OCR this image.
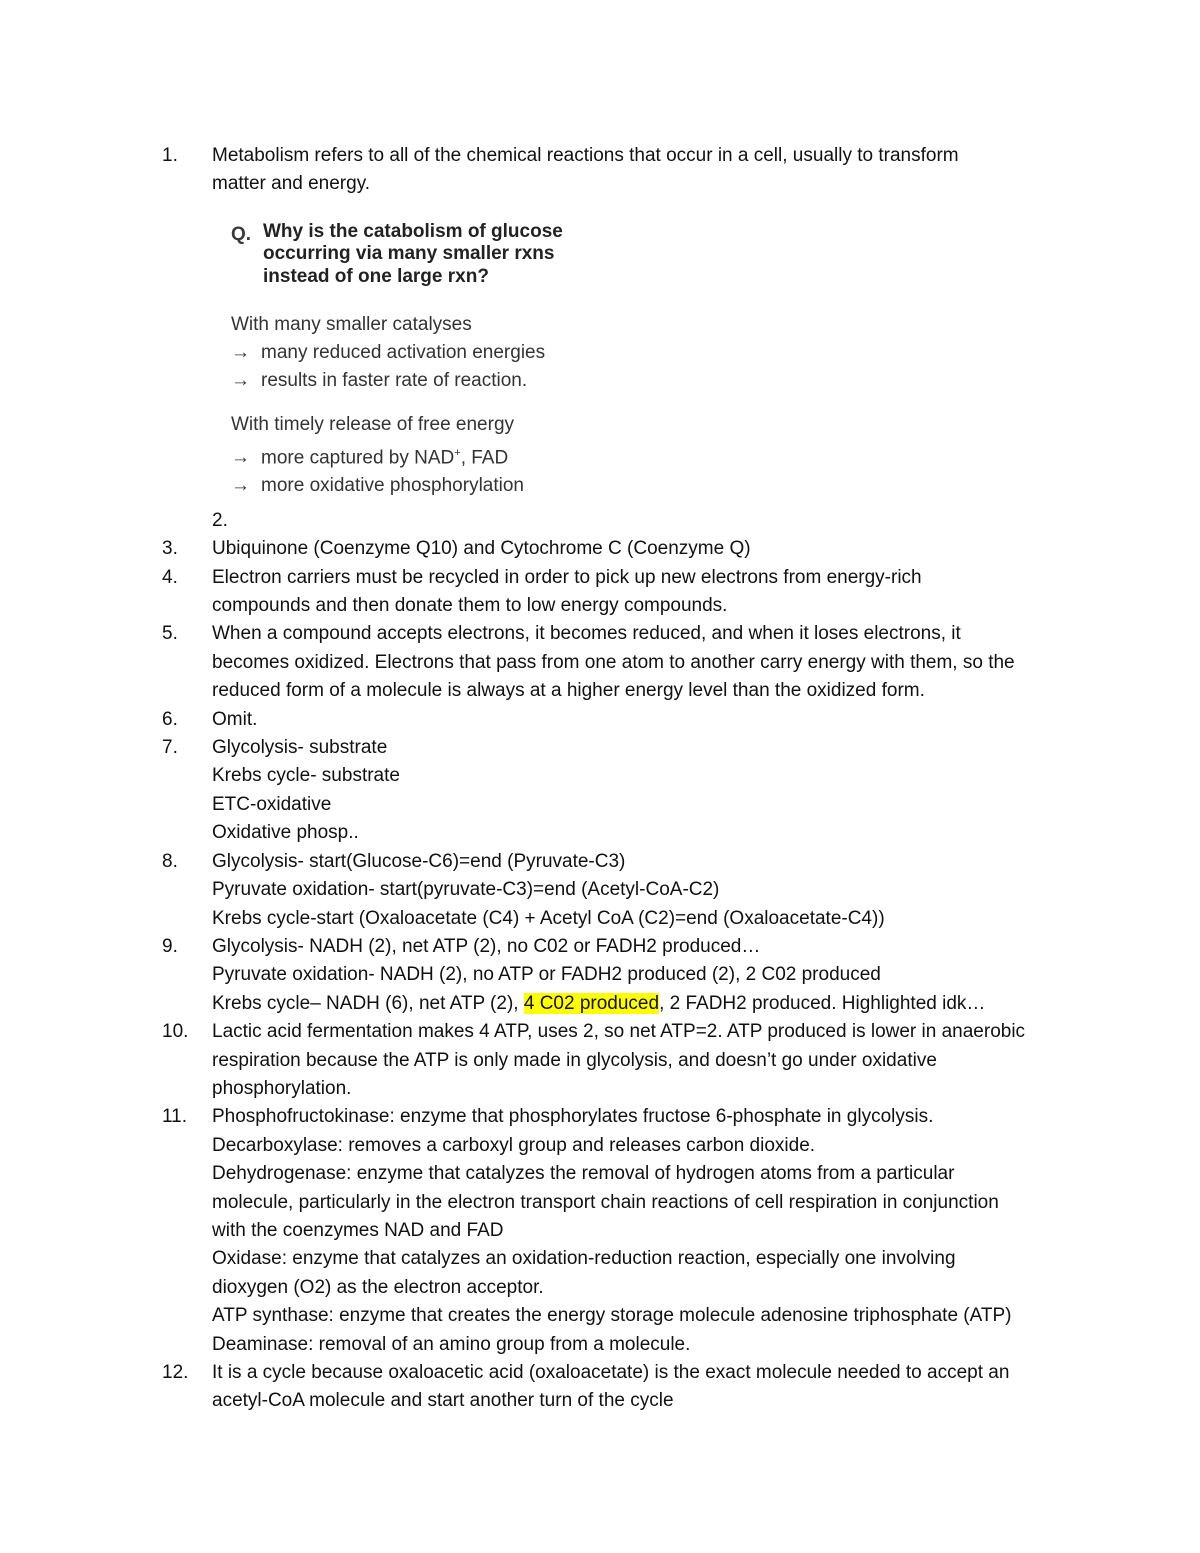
1.	Metabolism refers to all of the chemical reactions that occur in a cell, usually to transform
matter and energy.
Q. Why is the catabolism of glucose
occurring via many smaller rxns
instead of one large rxn?
With many smaller catalyses
→ many reduced activation energies
→ results in faster rate of reaction.
With timely release of free energy
→ more captured by NAD+, FAD
→ more oxidative phosphorylation
2.
3.	Ubiquinone (Coenzyme Q10) and Cytochrome C (Coenzyme Q)
4.	Electron carriers must be recycled in order to pick up new electrons from energy-rich
compounds and then donate them to low energy compounds.
5.	When a compound accepts electrons, it becomes reduced, and when it loses electrons, it
becomes oxidized. Electrons that pass from one atom to another carry energy with them, so the
reduced form of a molecule is always at a higher energy level than the oxidized form.
6.	Omit.
7.	Glycolysis- substrate
Krebs cycle- substrate
ETC-oxidative
Oxidative phosp..
8.	Glycolysis- start(Glucose-C6)=end (Pyruvate-C3)
Pyruvate oxidation- start(pyruvate-C3)=end (Acetyl-CoA-C2)
Krebs cycle-start (Oxaloacetate (C4) + Acetyl CoA (C2)=end (Oxaloacetate-C4))
9.	Glycolysis- NADH (2), net ATP (2), no C02 or FADH2 produced…
Pyruvate oxidation- NADH (2), no ATP or FADH2 produced (2), 2 C02 produced
Krebs cycle– NADH (6), net ATP (2), 4 C02 produced, 2 FADH2 produced. Highlighted idk…
10.	Lactic acid fermentation makes 4 ATP, uses 2, so net ATP=2. ATP produced is lower in anaerobic
respiration because the ATP is only made in glycolysis, and doesn’t go under oxidative
phosphorylation.
11.	Phosphofructokinase: enzyme that phosphorylates fructose 6-phosphate in glycolysis.
Decarboxylase: removes a carboxyl group and releases carbon dioxide.
Dehydrogenase: enzyme that catalyzes the removal of hydrogen atoms from a particular
molecule, particularly in the electron transport chain reactions of cell respiration in conjunction
with the coenzymes NAD and FAD
Oxidase: enzyme that catalyzes an oxidation-reduction reaction, especially one involving
dioxygen (O2) as the electron acceptor.
ATP synthase: enzyme that creates the energy storage molecule adenosine triphosphate (ATP)
Deaminase: removal of an amino group from a molecule.
12.	It is a cycle because oxaloacetic acid (oxaloacetate) is the exact molecule needed to accept an
acetyl-CoA molecule and start another turn of the cycle
